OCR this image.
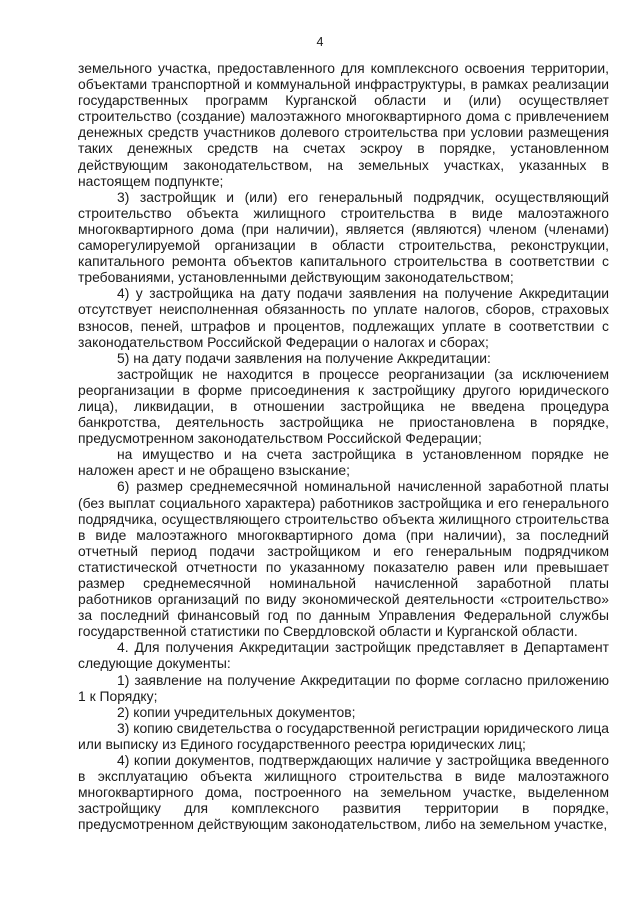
4

земельного участка, предоставленного для комплексного освоения территории, объектами транспортной и коммунальной инфраструктуры, в рамках реализации государственных программ Курганской области и (или) осуществляет строительство (создание) малоэтажного многоквартирного дома с привлечением денежных средств участников долевого строительства при условии размещения таких денежных средств на счетах эскроу в порядке, установленном действующим законодательством, на земельных участках, указанных в настоящем подпункте;

3) застройщик и (или) его генеральный подрядчик, осуществляющий строительство объекта жилищного строительства в виде малоэтажного многоквартирного дома (при наличии), является (являются) членом (членами) саморегулируемой организации в области строительства, реконструкции, капитального ремонта объектов капитального строительства в соответствии с требованиями, установленными действующим законодательством;

4) у застройщика на дату подачи заявления на получение Аккредитации отсутствует неисполненная обязанность по уплате налогов, сборов, страховых взносов, пеней, штрафов и процентов, подлежащих уплате в соответствии с законодательством Российской Федерации о налогах и сборах;

5) на дату подачи заявления на получение Аккредитации:

застройщик не находится в процессе реорганизации (за исключением реорганизации в форме присоединения к застройщику другого юридического лица), ликвидации, в отношении застройщика не введена процедура банкротства, деятельность застройщика не приостановлена в порядке, предусмотренном законодательством Российской Федерации;

на имущество и на счета застройщика в установленном порядке не наложен арест и не обращено взыскание;

6) размер среднемесячной номинальной начисленной заработной платы (без выплат социального характера) работников застройщика и его генерального подрядчика, осуществляющего строительство объекта жилищного строительства в виде малоэтажного многоквартирного дома (при наличии), за последний отчетный период подачи застройщиком и его генеральным подрядчиком статистической отчетности по указанному показателю равен или превышает размер среднемесячной номинальной начисленной заработной платы работников организаций по виду экономической деятельности «строительство» за последний финансовый год по данным Управления Федеральной службы государственной статистики по Свердловской области и Курганской области.

4. Для получения Аккредитации застройщик представляет в Департамент следующие документы:

1) заявление на получение Аккредитации по форме согласно приложению 1 к Порядку;

2) копии учредительных документов;

3) копию свидетельства о государственной регистрации юридического лица или выписку из Единого государственного реестра юридических лиц;

4) копии документов, подтверждающих наличие у застройщика введенного в эксплуатацию объекта жилищного строительства в виде малоэтажного многоквартирного дома, построенного на земельном участке, выделенном застройщику для комплексного развития территории в порядке, предусмотренном действующим законодательством, либо на земельном участке,
